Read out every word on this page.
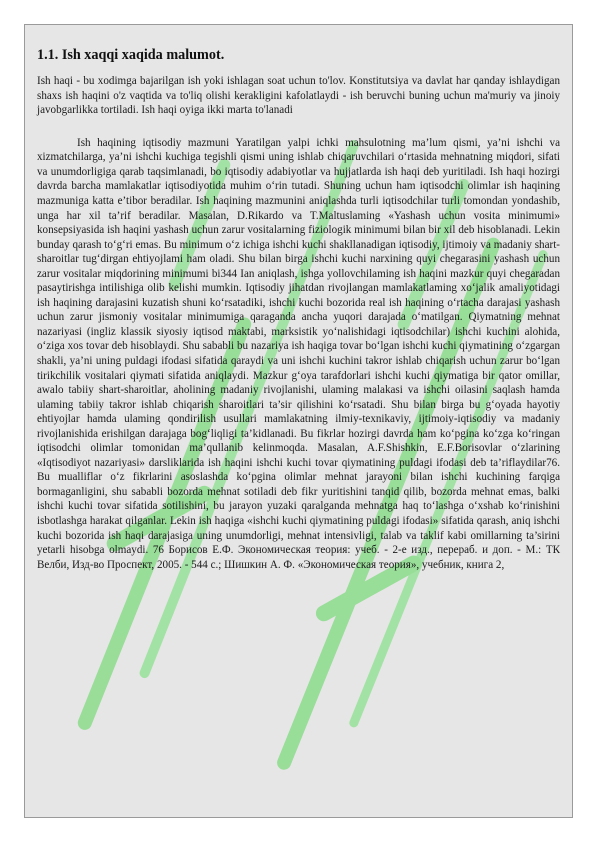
1.1. Ish xaqqi xaqida malumot.

Ish haqi - bu xodimga bajarilgan ish yoki ishlagan soat uchun to'lov. Konstitutsiya va davlat har qanday ishlaydigan shaxs ish haqini o'z vaqtida va to'liq olishi kerakligini kafolatlaydi - ish beruvchi buning uchun ma'muriy va jinoiy javobgarlikka tortiladi. Ish haqi oyiga ikki marta to'lanadi

Ish haqining iqtisodiy mazmuni Yaratilgan yalpi ichki mahsulotning ma’lum qismi, ya’ni ishchi va xizmatchilarga, ya’ni ishchi kuchiga tegishli qismi uning ishlab chiqaruvchilari o‘rtasida mehnatning miqdori, sifati va unumdorligiga qarab taqsimlanadi, bo iqtisodiy adabiyotlar va hujjatlarda ish haqi deb yuritiladi. Ish haqi hozirgi davrda barcha mamlakatlar iqtisodiyotida muhim o‘rin tutadi. Shuning uchun ham iqtisodchi olimlar ish haqining mazmuniga katta e’tibor beradilar. Ish haqining mazmunini aniqlashda turli iqtisodchilar turli tomondan yondashib, unga har xil ta’rif beradilar. Masalan, D.Rikardo va T.Maltuslaming «Yashash uchun vosita minimumi» konsepsiyasida ish haqini yashash uchun zarur vositalarning fiziologik minimumi bilan bir xil deb hisoblanadi. Lekin bunday qarash to‘g‘ri emas. Bu minimum o‘z ichiga ishchi kuchi shakllanadigan iqtisodiy, ijtimoiy va madaniy shart-sharoitlar tug‘dirgan ehtiyojlami ham oladi. Shu bilan birga ishchi kuchi narxining quyi chegarasini yashash uchun zarur vositalar miqdorining minimumi bi344 Ian aniqlash, ishga yollovchilaming ish haqini mazkur quyi chegaradan pasaytirishga intilishiga olib kelishi mumkin. Iqtisodiy jihatdan rivojlangan mamlakatlaming xo‘jalik amaliyotidagi ish haqining darajasini kuzatish shuni ko‘rsatadiki, ishchi kuchi bozorida real ish haqining o‘rtacha darajasi yashash uchun zarur jismoniy vositalar minimumiga qaraganda ancha yuqori darajada o‘matilgan. Qiymatning mehnat nazariyasi (ingliz klassik siyosiy iqtisod maktabi, marksistik yo‘nalishidagi iqtisodchilar) ishchi kuchini alohida, o‘ziga xos tovar deb hisoblaydi. Shu sababli bu nazariya ish haqiga tovar bo‘lgan ishchi kuchi qiymatining o‘zgargan shakli, ya’ni uning puldagi ifodasi sifatida qaraydi va uni ishchi kuchini takror ishlab chiqarish uchun zarur bo‘lgan tirikchilik vositalari qiymati sifatida aniqlaydi. Mazkur g‘oya tarafdorlari ishchi kuchi qiymatiga bir qator omillar, awalo tabiiy shart-sharoitlar, aholining madaniy rivojlanishi, ulaming malakasi va ishchi oilasini saqlash hamda ulaming tabiiy takror ishlab chiqarish sharoitlari ta’sir qilishini ko‘rsatadi. Shu bilan birga bu g‘oyada hayotiy ehtiyojlar hamda ulaming qondirilish usullari mamlakatning ilmiy-texnikaviy, ijtimoiy-iqtisodiy va madaniy rivojlanishida erishilgan darajaga bog‘liqligi ta’kidlanadi. Bu fikrlar hozirgi davrda ham ko‘pgina ko‘zga ko‘ringan iqtisodchi olimlar tomonidan ma’qullanib kelinmoqda. Masalan, A.F.Shishkin, E.F.Borisovlar o‘zlarining «Iqtisodiyot nazariyasi» darsliklarida ish haqini ishchi kuchi tovar qiymatining puldagi ifodasi deb ta’riflaydilar76. Bu mualliflar o‘z fikrlarini asoslashda ko‘pgina olimlar mehnat jarayoni bilan ishchi kuchining farqiga bormaganligini, shu sababli bozorda mehnat sotiladi deb fikr yuritishini tanqid qilib, bozorda mehnat emas, balki ishchi kuchi tovar sifatida sotilishini, bu jarayon yuzaki qaralganda mehnatga haq to‘lashga o‘xshab ko‘rinishini isbotlashga harakat qilganlar. Lekin ish haqiga «ishchi kuchi qiymatining puldagi ifodasi» sifatida qarash, aniq ishchi kuchi bozorida ish haqi darajasiga uning unumdorligi, mehnat intensivligi, talab va taklif kabi omillarning ta’sirini yetarli hisobga olmaydi. 76 Борисов Е.Ф. Экономическая теория: учеб. - 2-е изд., перераб. и доп. - М.: ТК Велби, Изд-во Проспект, 2005. - 544 с.; Шишкин А. Ф. «Экономическая теория», учебник, книга 2,
